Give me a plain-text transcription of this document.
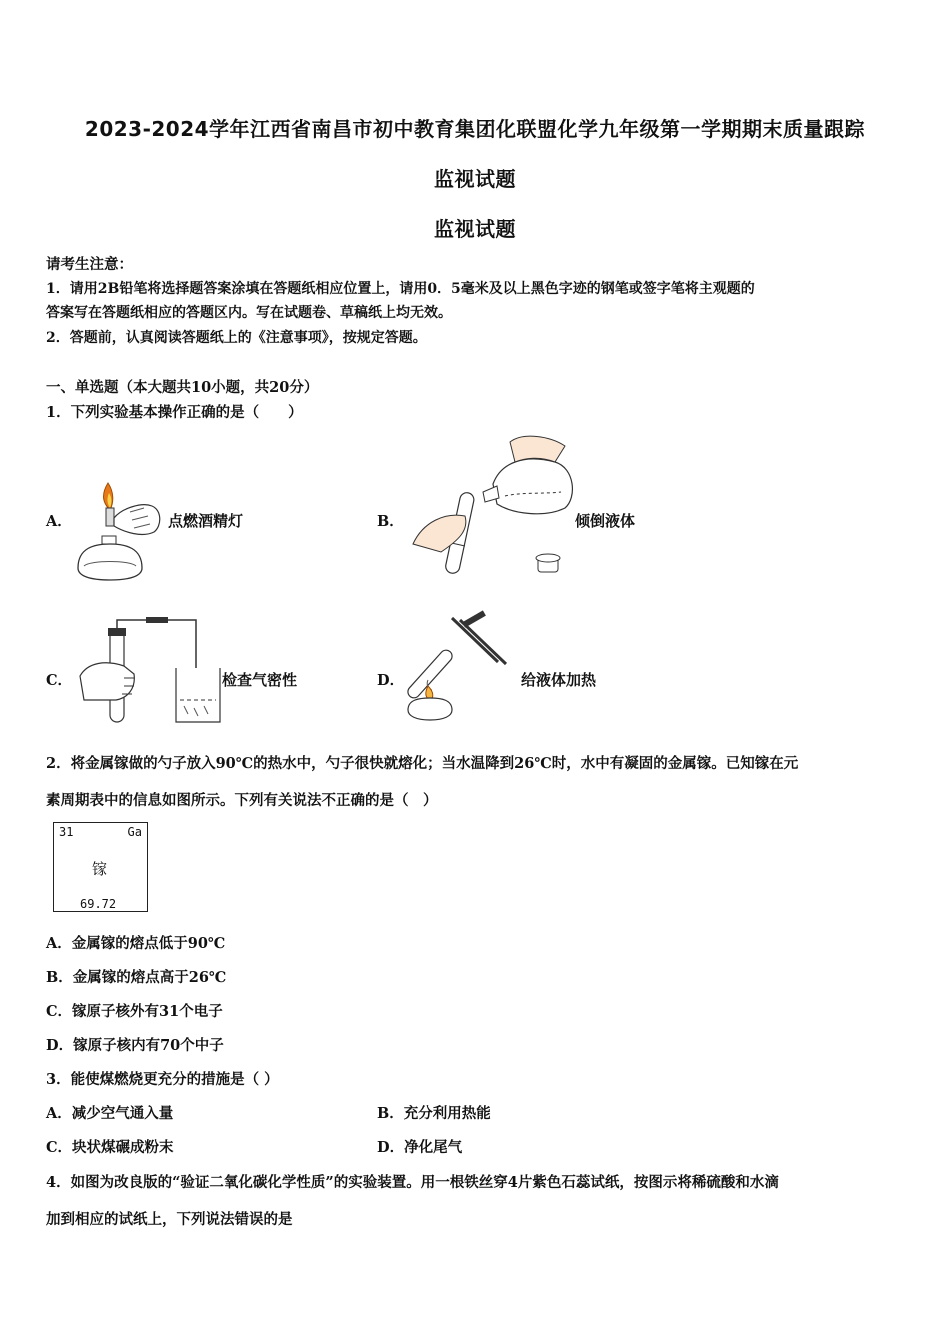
2023-2024学年江西省南昌市初中教育集团化联盟化学九年级第一学期期末质量跟踪
监视试题
监视试题
请考生注意：
1．请用2B铅笔将选择题答案涂填在答题纸相应位置上，请用0．5毫米及以上黑色字迹的钢笔或签字笔将主观题的
答案写在答题纸相应的答题区内。写在试题卷、草稿纸上均无效。
2．答题前，认真阅读答题纸上的《注意事项》，按规定答题。
一、单选题（本大题共10小题，共20分）
1．下列实验基本操作正确的是（　　）
A．	点燃酒精灯	B．	倾倒液体
C．	检查气密性	D．	给液体加热
2．将金属镓做的勺子放入90℃的热水中，勺子很快就熔化；当水温降到26℃时，水中有凝固的金属镓。已知镓在元
素周期表中的信息如图所示。下列有关说法不正确的是（　）
31	Ga
镓
69.72
A．金属镓的熔点低于90℃
B．金属镓的熔点高于26℃
C．镓原子核外有31个电子
D．镓原子核内有70个中子
3．能使煤燃烧更充分的措施是（ ）
A．减少空气通入量	B．充分利用热能
C．块状煤碾成粉末	D．净化尾气
4．如图为改良版的“验证二氧化碳化学性质”的实验装置。用一根铁丝穿4片紫色石蕊试纸，按图示将稀硫酸和水滴
加到相应的试纸上，下列说法错误的是
